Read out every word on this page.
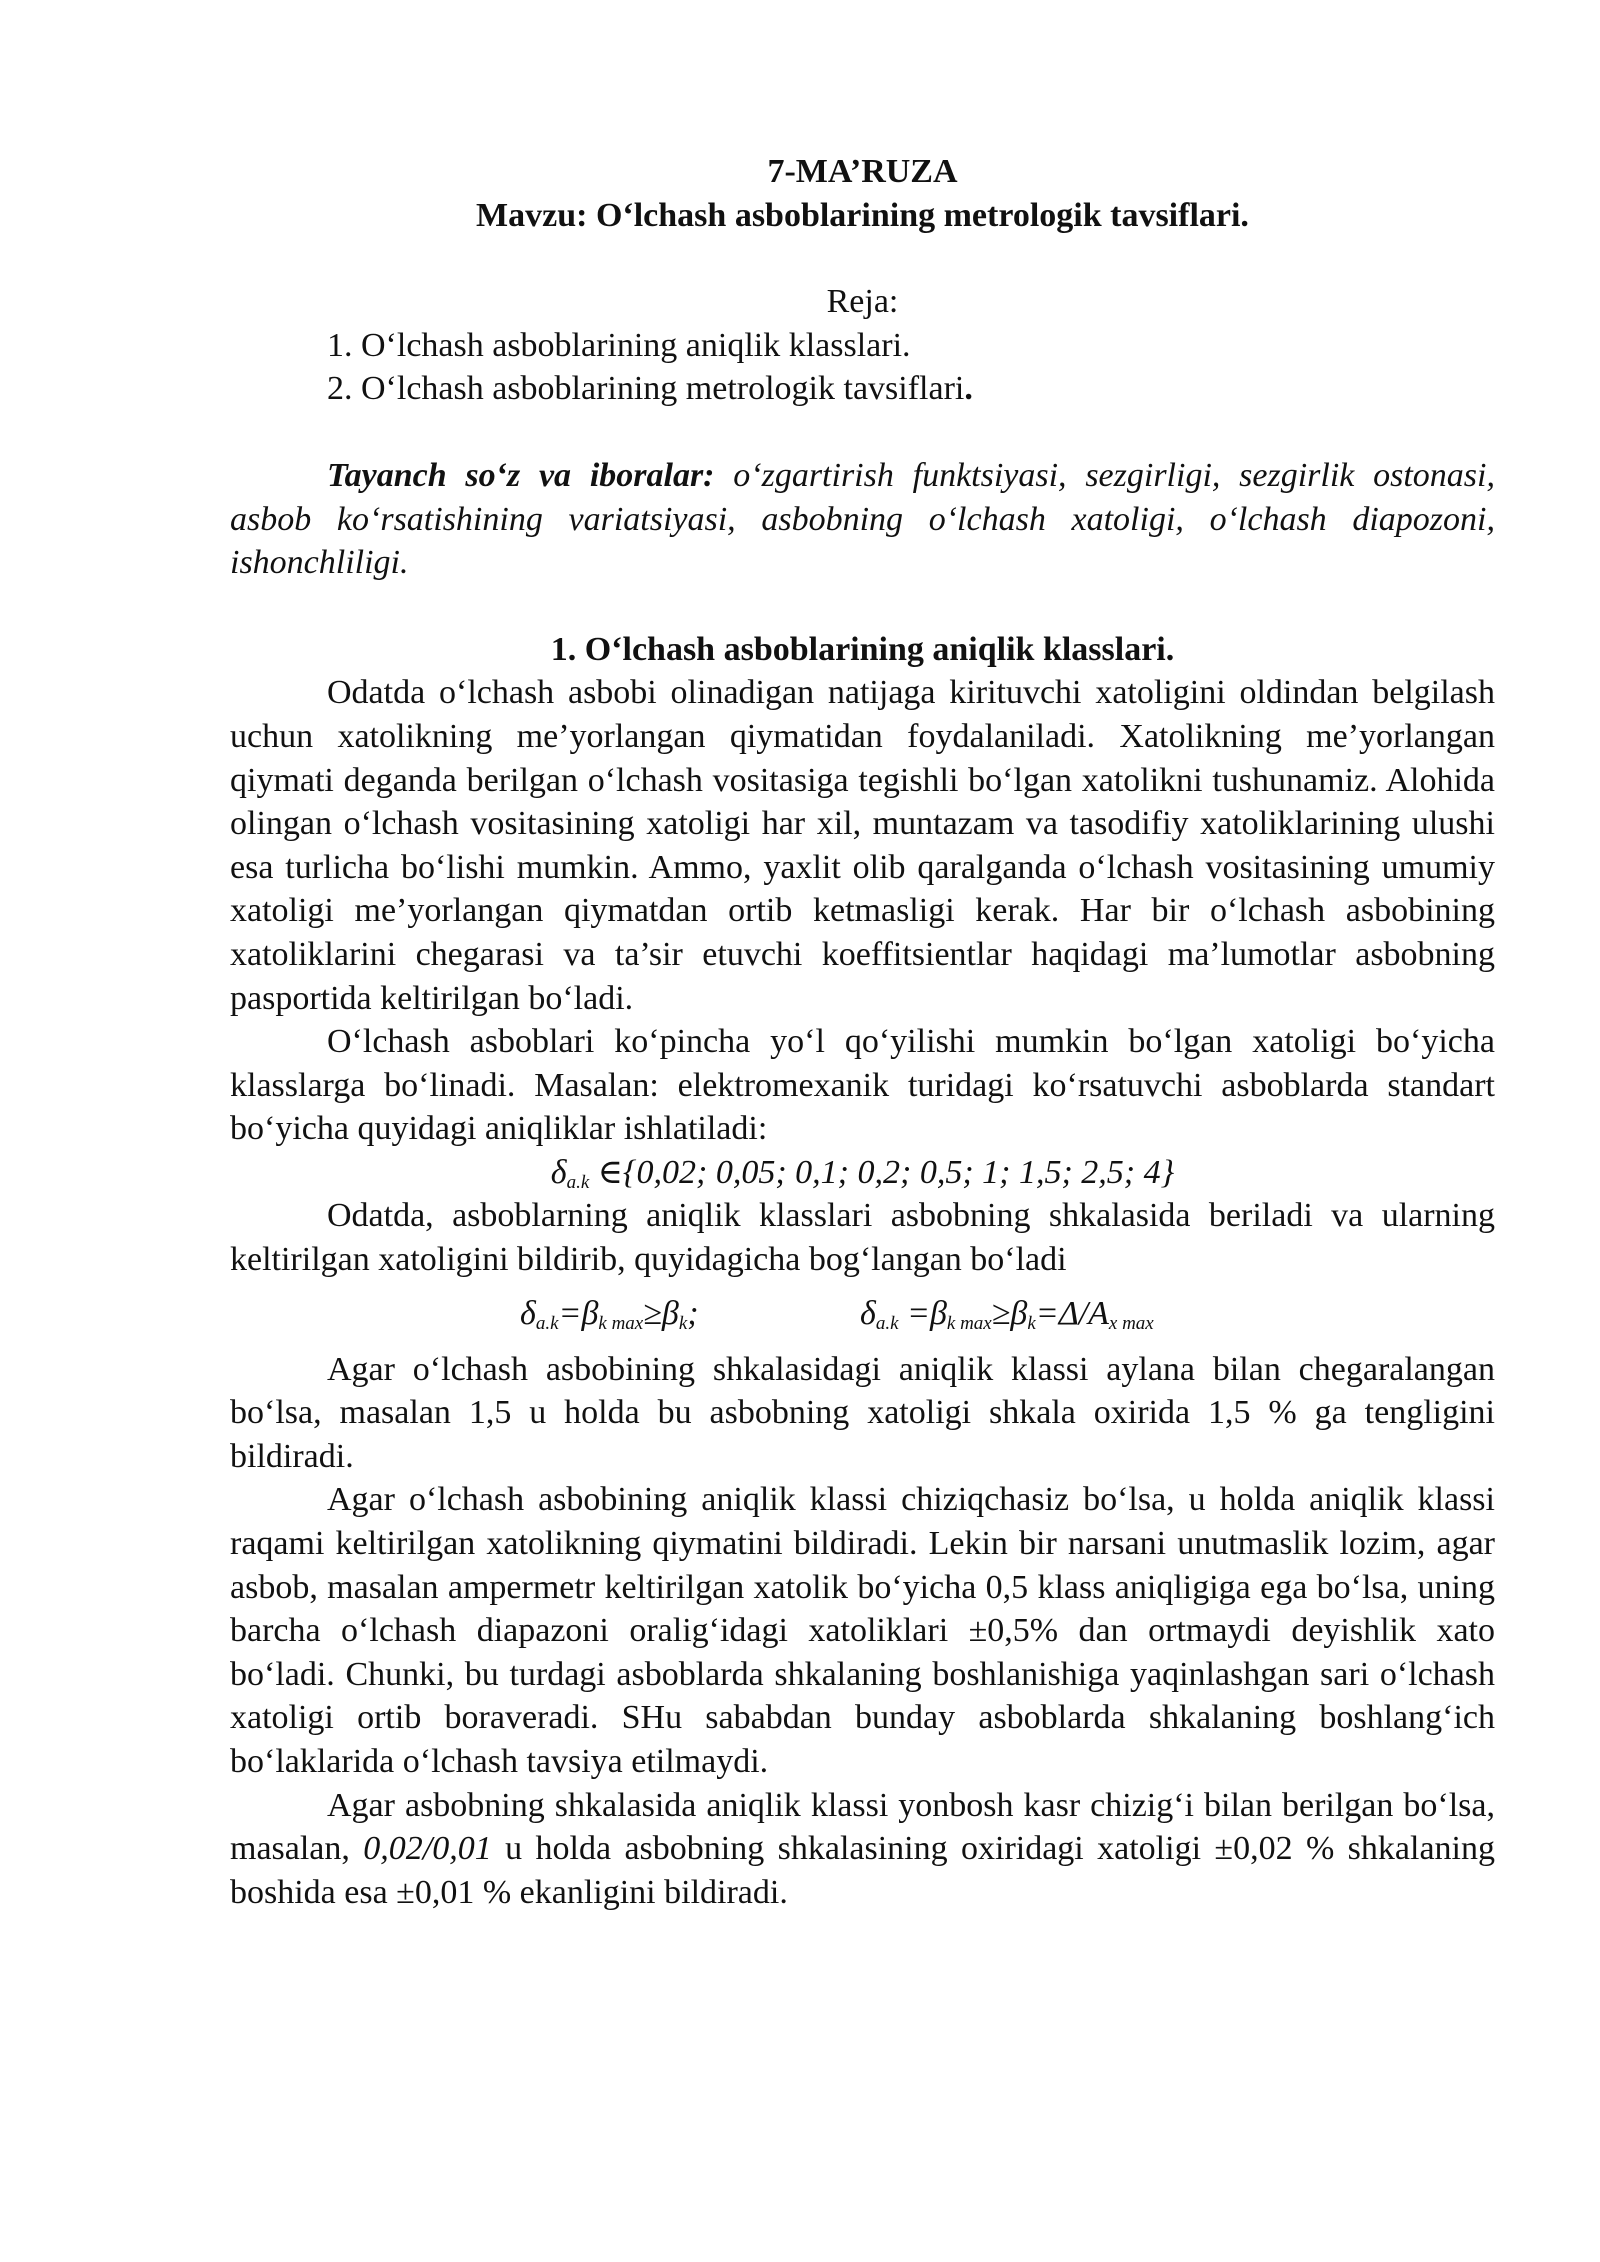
7-MA’RUZA

Mavzu: O‘lchash asboblarining metrologik tavsiflari.

Reja:

1. O‘lchash asboblarining aniqlik klasslari.

2. O‘lchash asboblarining metrologik tavsiflari.

Tayanch so‘z va iboralar: o‘zgartirish funktsiyasi, sezgirligi, sezgirlik ostonasi, asbob ko‘rsatishining variatsiyasi, asbobning o‘lchash xatoligi, o‘lchash diapozoni, ishonchliligi.

1. O‘lchash asboblarining aniqlik klasslari.

Odatda o‘lchash asbobi olinadigan natijaga kirituvchi xatoligini oldindan belgilash uchun xatolikning me’yorlangan qiymatidan foydalaniladi. Xatolikning me’yorlangan qiymati deganda berilgan o‘lchash vositasiga tegishli bo‘lgan xatolikni tushunamiz. Alohida olingan o‘lchash vositasining xatoligi har xil, muntazam va tasodifiy xatoliklarining ulushi esa turlicha bo‘lishi mumkin. Ammo, yaxlit olib qaralganda o‘lchash vositasining umumiy xatoligi me’yorlangan qiymatdan ortib ketmasligi kerak. Har bir o‘lchash asbobining xatoliklarini chegarasi va ta’sir etuvchi koeffitsientlar haqidagi ma’lumotlar asbobning pasportida keltirilgan bo‘ladi.

O‘lchash asboblari ko‘pincha yo‘l qo‘yilishi mumkin bo‘lgan xatoligi bo‘yicha klasslarga bo‘linadi. Masalan: elektromexanik turidagi ko‘rsatuvchi asboblarda standart bo‘yicha quyidagi aniqliklar ishlatiladi:

$\delta_{a.k}$ ∈{0,02; 0,05; 0,1; 0,2; 0,5; 1; 1,5; 2,5; 4}

Odatda, asboblarning aniqlik klasslari asbobning shkalasida beriladi va ularning keltirilgan xatoligini bildirib, quyidagicha bog‘langan bo‘ladi

$\delta_{a.k}=\beta_{k max}\ge\beta_k$;	$\delta_{a.k} =\beta_{k max}\ge\beta_k=\Delta/A_{x max}$

Agar o‘lchash asbobining shkalasidagi aniqlik klassi aylana bilan chegaralangan bo‘lsa, masalan 1,5 u holda bu asbobning xatoligi shkala oxirida 1,5 % ga tengligini bildiradi.

Agar o‘lchash asbobining aniqlik klassi chiziqchasiz bo‘lsa, u holda aniqlik klassi raqami keltirilgan xatolikning qiymatini bildiradi. Lekin bir narsani unutmaslik lozim, agar asbob, masalan ampermetr keltirilgan xatolik bo‘yicha 0,5 klass aniqligiga ega bo‘lsa, uning barcha o‘lchash diapazoni oralig‘idagi xatoliklari ±0,5% dan ortmaydi deyishlik xato bo‘ladi. Chunki, bu turdagi asboblarda shkalaning boshlanishiga yaqinlashgan sari o‘lchash xatoligi ortib boraveradi. SHu sababdan bunday asboblarda shkalaning boshlang‘ich bo‘laklarida o‘lchash tavsiya etilmaydi.

Agar asbobning shkalasida aniqlik klassi yonbosh kasr chizig‘i bilan berilgan bo‘lsa, masalan, 0,02/0,01 u holda asbobning shkalasining oxiridagi xatoligi ±0,02 % shkalaning boshida esa ±0,01 % ekanligini bildiradi.
